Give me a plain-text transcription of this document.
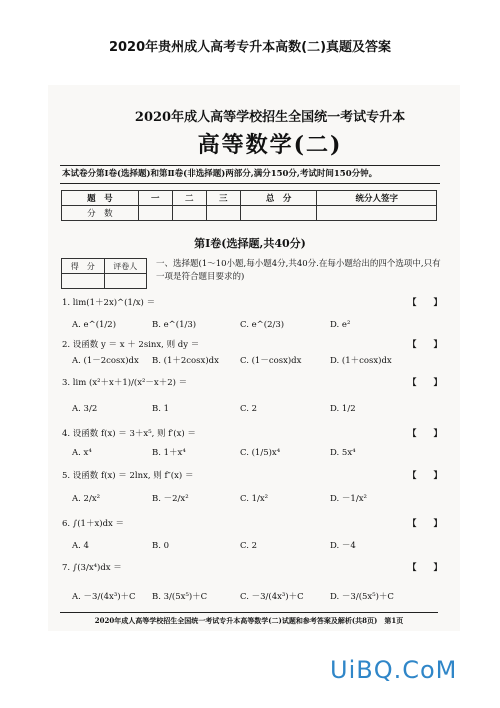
2020年贵州成人高考专升本高数(二)真题及答案
2020年成人高等学校招生全国统一考试专升本
高等数学(二)
本试卷分第Ⅰ卷(选择题)和第Ⅱ卷(非选择题)两部分,满分150分,考试时间150分钟。
题　号	一	二	三	总　分	统分人签字
分　数					
第Ⅰ卷(选择题,共40分)
得　分	评卷人
	一、选择题(1～10小题,每小题4分,共40分.在每小题给出的四个选项中,只有一项是符合题目要求的)
1. lim(1＋2x)^(1/x) ＝	【　　】
A. e^(1/2)	B. e^(1/3)	C. e^(2/3)	D. e²
2. 设函数 y ＝ x ＋ 2sinx, 则 dy ＝	【　　】
A. (1－2cosx)dx B. (1＋2cosx)dx C. (1－cosx)dx	D. (1＋cosx)dx
3. lim (x²＋x＋1)/(x²－x＋2) ＝	【　　】
A. 3/2	B. 1	C. 2	D. 1/2
4. 设函数 f(x) ＝ 3＋x⁵, 则 f′(x) ＝	【　　】
A. x⁴	B. 1＋x⁴	C. (1/5)x⁴	D. 5x⁴
5. 设函数 f(x) ＝ 2lnx, 则 f″(x) ＝	【　　】
A. 2/x²	B. －2/x²	C. 1/x²	D. －1/x²
6. ∫(1＋x)dx ＝	【　　】
A. 4	B. 0	C. 2	D. －4
7. ∫(3/x⁴)dx ＝	【　　】
A. －3/(4x³)＋C B. 3/(5x⁵)＋C	C. －3/(4x³)＋C	D. －3/(5x⁵)＋C
2020年成人高等学校招生全国统一考试专升本高等数学(二)试题和参考答案及解析(共8页)　第1页
UiBQ.CoM
